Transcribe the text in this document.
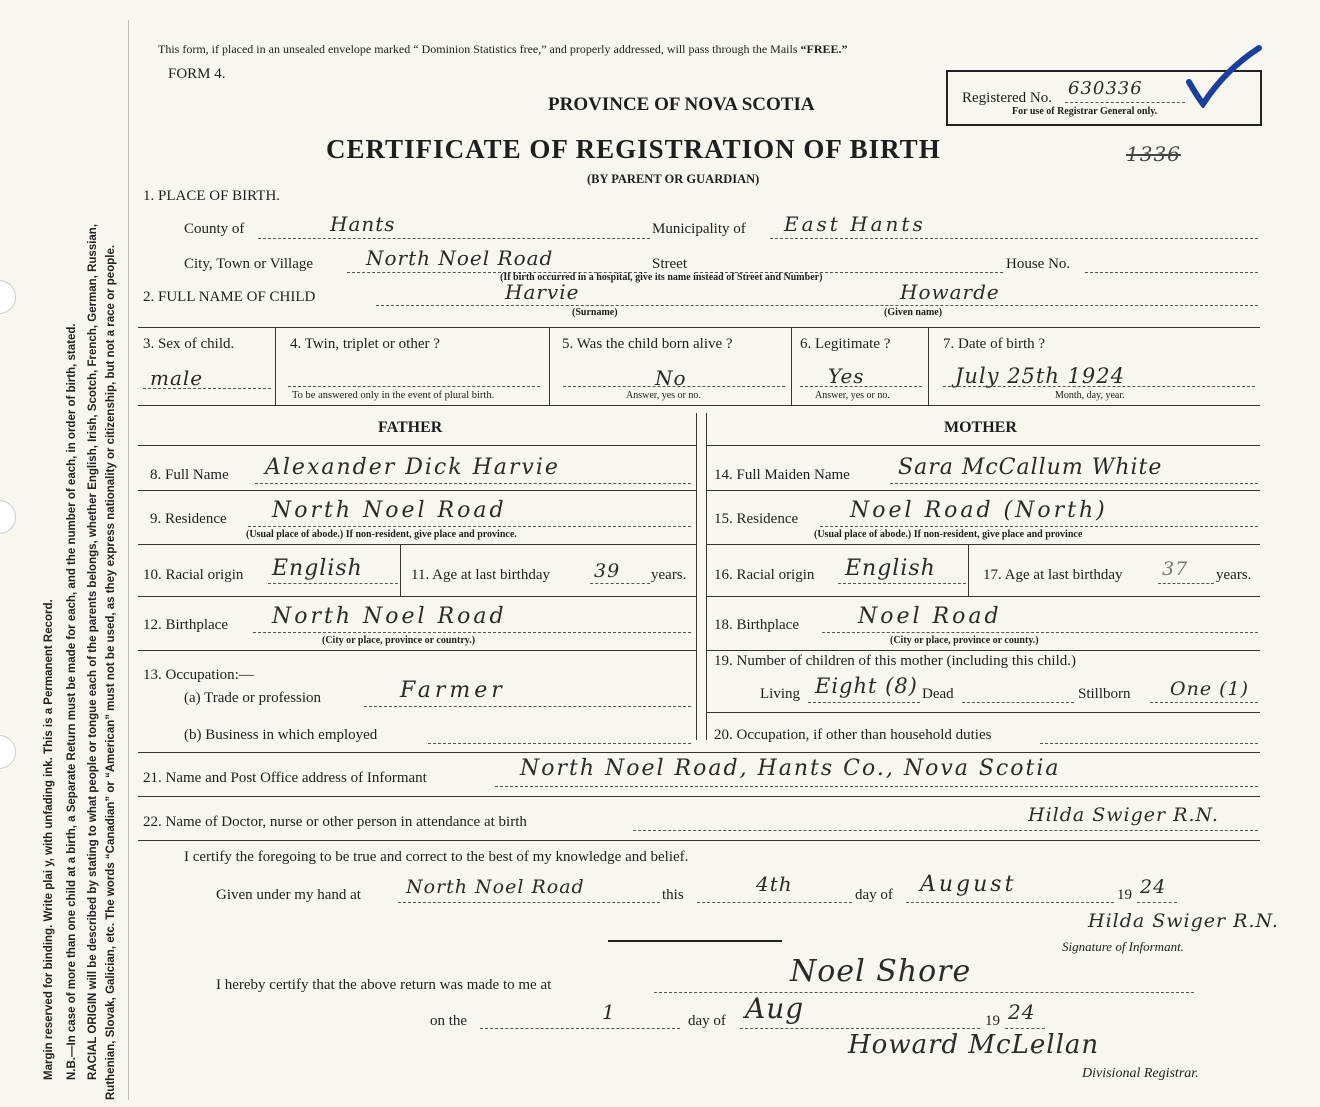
Margin reserved for binding. Write plai y, with unfading ink. This is a Permanent Record. N.B.—In case of more than one child at a birth, a Separate Return must be made for each, and the number of each, in order of birth, stated. RACIAL ORIGIN will be described by stating to what people or tongue each of the parents belongs, whether English, Irish, Scotch, French, German, Russian, Ruthenian, Slovak, Galician, etc. The words “Canadian” or “American” must not be used, as they express nationality or citizenship, but not a race or people.
This form, if placed in an unsealed envelope marked “ Dominion Statistics free,” and properly addressed, will pass through the Mails “FREE.”
FORM 4.
PROVINCE OF NOVA SCOTIA
CERTIFICATE OF REGISTRATION OF BIRTH
(BY PARENT OR GUARDIAN)
1336
Registered No. 630336
For use of Registrar General only.
1. PLACE OF BIRTH.
County of	Hants	Municipality of East Hants
City, Town or Village	North Noel Road	Street	House No.
(If birth occurred in a hospital, give its name instead of Street and Number)
2. FULL NAME OF CHILD	Harvie	Howarde
(Surname)	(Given name)
3. Sex of child.
male
4. Twin, triplet or other ?
To be answered only in the event of plural birth.
5. Was the child born alive ?
No
Answer, yes or no.
6. Legitimate ?
Yes
Answer, yes or no.
7. Date of birth ?
July 25th 1924
Month, day, year.
FATHER	MOTHER
8. Full Name Alexander Dick Harvie
9. Residence North Noel Road
(Usual place of abode.) If non-resident, give place and province.
10. Racial origin English	11. Age at last birthday 39 years.
12. Birthplace North Noel Road
(City or place, province or country.)
13. Occupation:—
(a) Trade or profession	Farmer
(b) Business in which employed
14. Full Maiden Name Sara McCallum White
15. Residence Noel Road (North)
(Usual place of abode.) If non-resident, give place and province
16. Racial origin English	17. Age at last birthday 37 years.
18. Birthplace	Noel Road
(City or place, province or county.)
19. Number of children of this mother (including this child.)
Living Eight (8) Dead	Stillborn One (1)
20. Occupation, if other than household duties
21. Name and Post Office address of Informant	North Noel Road, Hants Co., Nova Scotia
22. Name of Doctor, nurse or other person in attendance at birth	Hilda Swiger R.N.
I certify the foregoing to be true and correct to the best of my knowledge and belief.
Given under my hand at North Noel Road	this	4th	day of August	19 24
Hilda Swiger R.N.
Signature of Informant.
I hereby certify that the above return was made to me at	Noel Shore
on the	1	day of Aug	19 24
Howard McLellan
Divisional Registrar.
